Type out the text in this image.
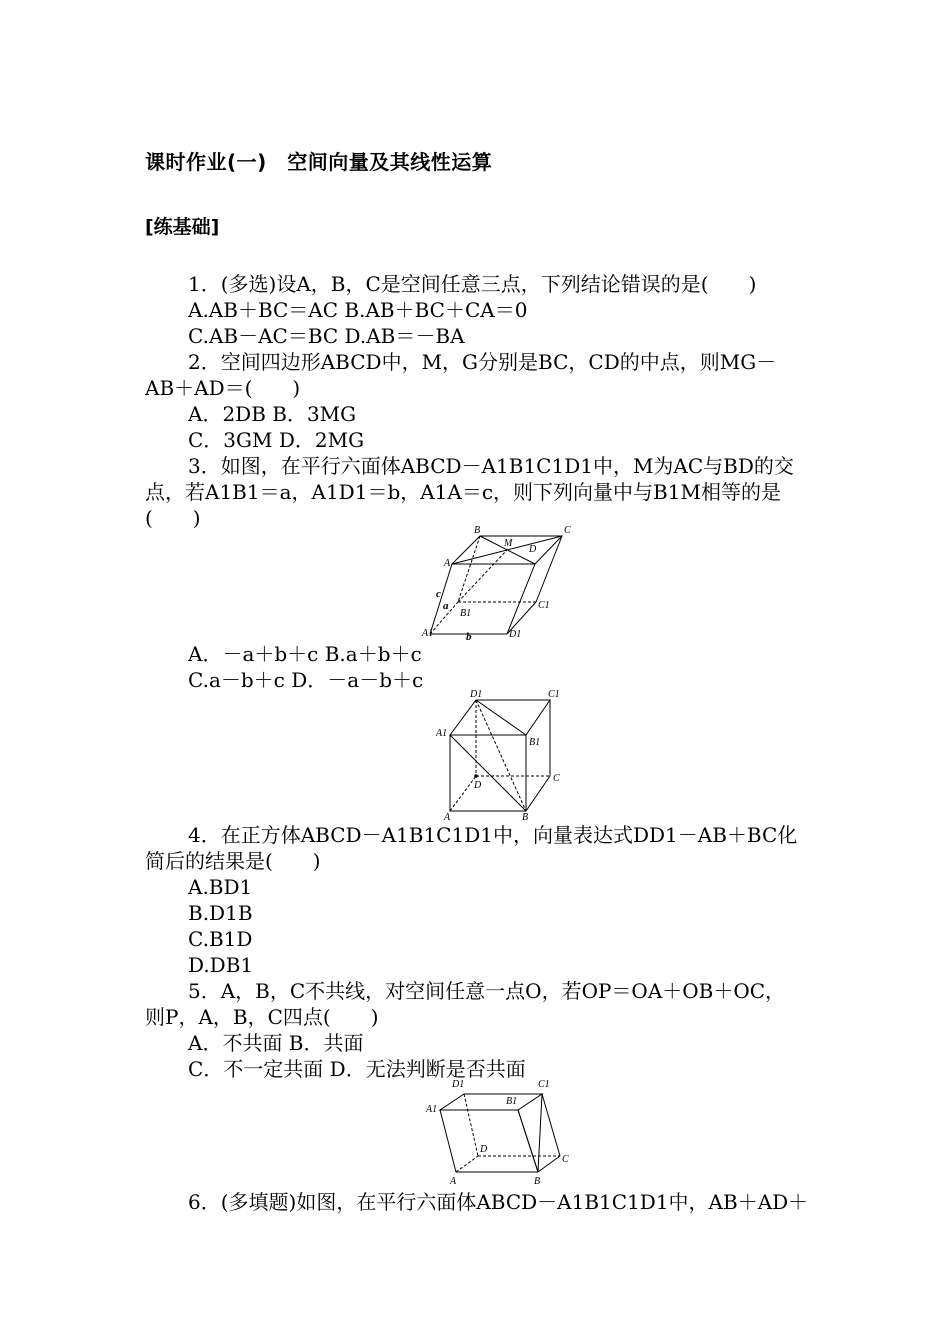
课时作业(一)　空间向量及其线性运算
[练基础]
1．(多选)设A，B，C是空间任意三点，下列结论错误的是(　　)
A.AB＋BC＝AC B.AB＋BC＋CA＝0
C.AB－AC＝BC D.AB＝－BA
2．空间四边形ABCD中，M，G分别是BC，CD的中点，则MG－
AB＋AD＝(　　)
A．2DB B．3MG
C．3GM D．2MG
3．如图，在平行六面体ABCD－A1B1C1D1中，M为AC与BD的交
点，若A1B1＝a，A1D1＝b，A1A＝c，则下列向量中与B1M相等的是
(　　)
B	C
M
D
A
c
a
B1
C1
A1	b	D1
A．－a＋b＋c B.a＋b＋c
C.a－b＋c D．－a－b＋c
D1	C1
A1
B1
C
D
A	B
4．在正方体ABCD－A1B1C1D1中，向量表达式DD1－AB＋BC化
简后的结果是(　　)
A.BD1
B.D1B
C.B1D
D.DB1
5．A，B，C不共线，对空间任意一点O，若OP＝OA＋OB＋OC，
则P，A，B，C四点(　　)
A．不共面 B．共面
C．不一定共面 D．无法判断是否共面
D1	C1
A1
B1
D
C
A	B
6．(多填题)如图，在平行六面体ABCD－A1B1C1D1中，AB＋AD＋
